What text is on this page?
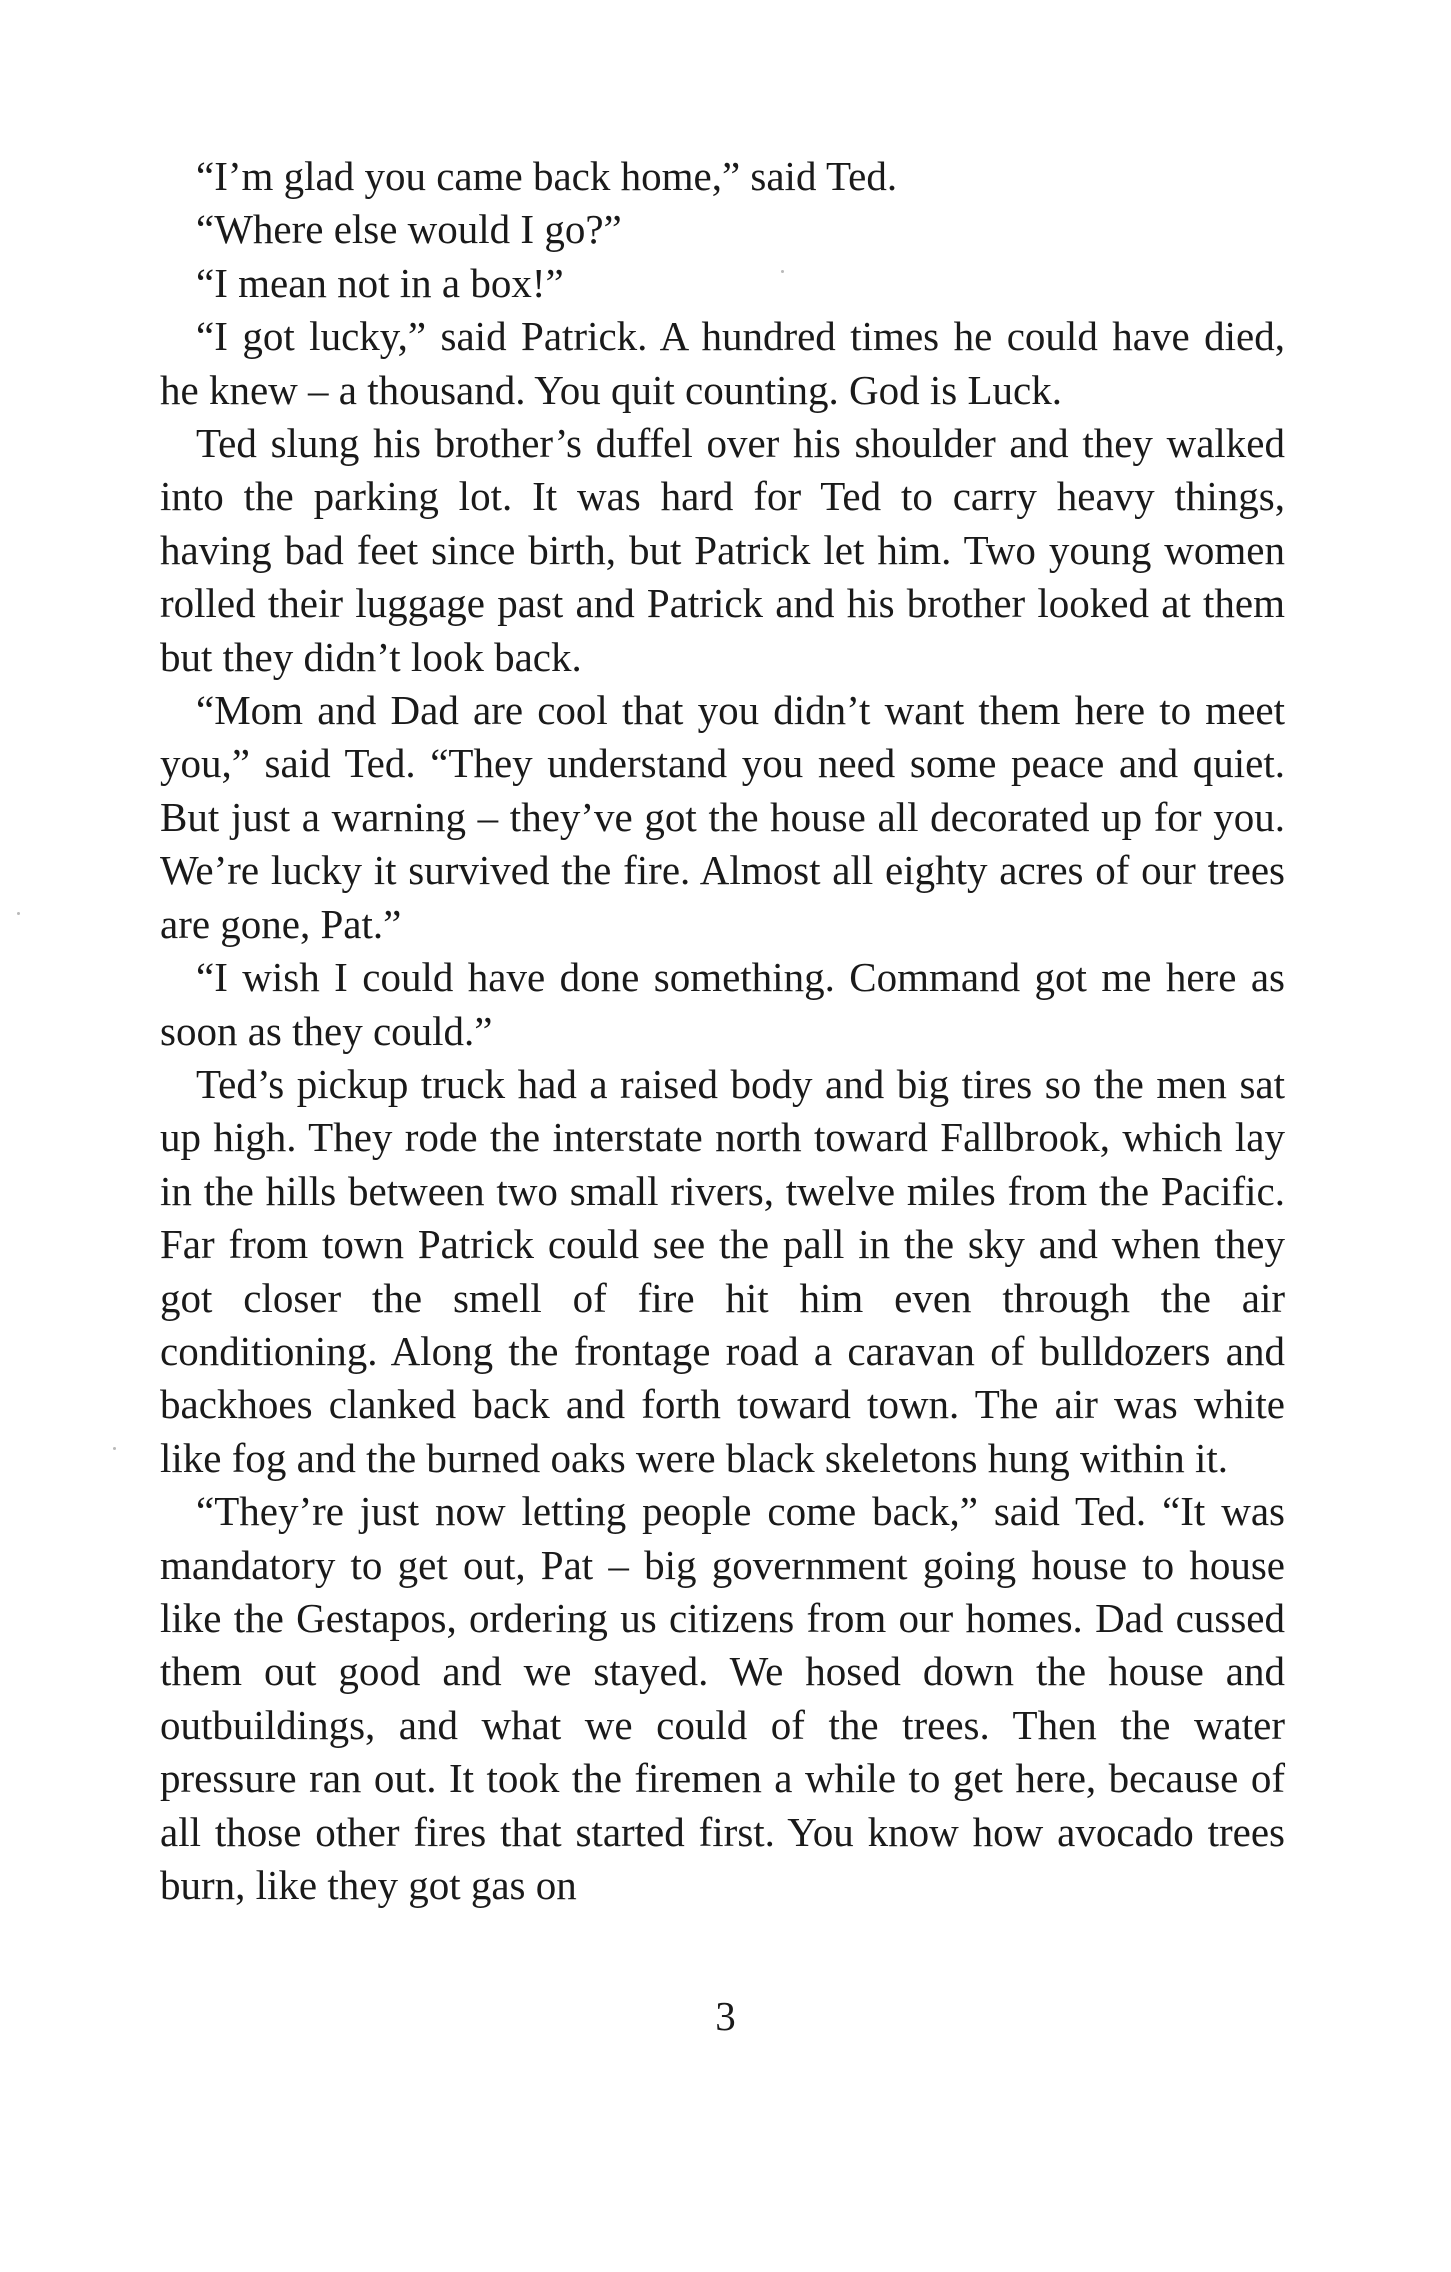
“I’m glad you came back home,” said Ted.

“Where else would I go?”

“I mean not in a box!”

“I got lucky,” said Patrick. A hundred times he could have died, he knew – a thousand. You quit counting. God is Luck.

Ted slung his brother’s duffel over his shoulder and they walked into the parking lot. It was hard for Ted to carry heavy things, having bad feet since birth, but Patrick let him. Two young women rolled their luggage past and Patrick and his brother looked at them but they didn’t look back.

“Mom and Dad are cool that you didn’t want them here to meet you,” said Ted. “They understand you need some peace and quiet. But just a warning – they’ve got the house all decorated up for you. We’re lucky it survived the fire. Almost all eighty acres of our trees are gone, Pat.”

“I wish I could have done something. Command got me here as soon as they could.”

Ted’s pickup truck had a raised body and big tires so the men sat up high. They rode the interstate north toward Fallbrook, which lay in the hills between two small rivers, twelve miles from the Pacific. Far from town Patrick could see the pall in the sky and when they got closer the smell of fire hit him even through the air conditioning. Along the frontage road a caravan of bulldozers and backhoes clanked back and forth toward town. The air was white like fog and the burned oaks were black skeletons hung within it.

“They’re just now letting people come back,” said Ted. “It was mandatory to get out, Pat – big government going house to house like the Gestapos, ordering us citizens from our homes. Dad cussed them out good and we stayed. We hosed down the house and outbuildings, and what we could of the trees. Then the water pressure ran out. It took the firemen a while to get here, because of all those other fires that started first. You know how avocado trees burn, like they got gas on

3
